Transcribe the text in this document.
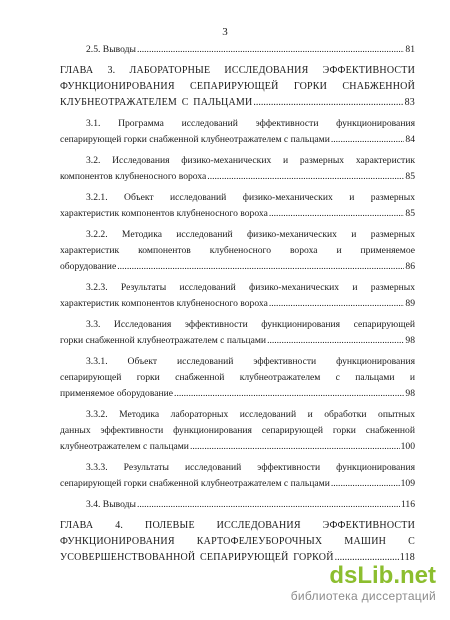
3
2.5. Выводы .....	81
ГЛАВА 3. ЛАБОРАТОРНЫЕ ИССЛЕДОВАНИЯ ЭФФЕКТИВНОСТИ
ФУНКЦИОНИРОВАНИЯ СЕПАРИРУЮЩЕЙ ГОРКИ СНАБЖЕННОЙ
КЛУБНЕОТРАЖАТЕЛЕМ С ПАЛЬЦАМИ .....	83
3.1. Программа исследований эффективности функционирования
сепарирующей горки снабженной клубнеотражателем с пальцами .....	84
3.2. Исследования физико-механических и размерных характеристик
компонентов клубненосного вороха .....	85
3.2.1. Объект исследований физико-механических и размерных
характеристик компонентов клубненосного вороха .....	85
3.2.2. Методика исследований физико-механических и размерных
характеристик компонентов клубненосного вороха и применяемое
оборудование .....	86
3.2.3. Результаты исследований физико-механических и размерных
характеристик компонентов клубненосного вороха .....	89
3.3. Исследования эффективности функционирования сепарирующей
горки снабженной клубнеотражателем с пальцами .....	98
3.3.1. Объект исследований эффективности функционирования
сепарирующей горки снабженной клубнеотражателем с пальцами и
применяемое оборудование .....	98
3.3.2. Методика лабораторных исследований и обработки опытных
данных эффективности функционирования сепарирующей горки снабженной
клубнеотражателем с пальцами .....	100
3.3.3. Результаты исследований эффективности функционирования
сепарирующей горки снабженной клубнеотражателем с пальцами .....	109
3.4. Выводы .....	116
ГЛАВА 4. ПОЛЕВЫЕ ИССЛЕДОВАНИЯ ЭФФЕКТИВНОСТИ
ФУНКЦИОНИРОВАНИЯ КАРТОФЕЛЕУБОРОЧНЫХ МАШИН С
УСОВЕРШЕНСТВОВАННОЙ СЕПАРИРУЮЩЕЙ ГОРКОЙ .....	118
dsLib.net
библиотека диссертаций
